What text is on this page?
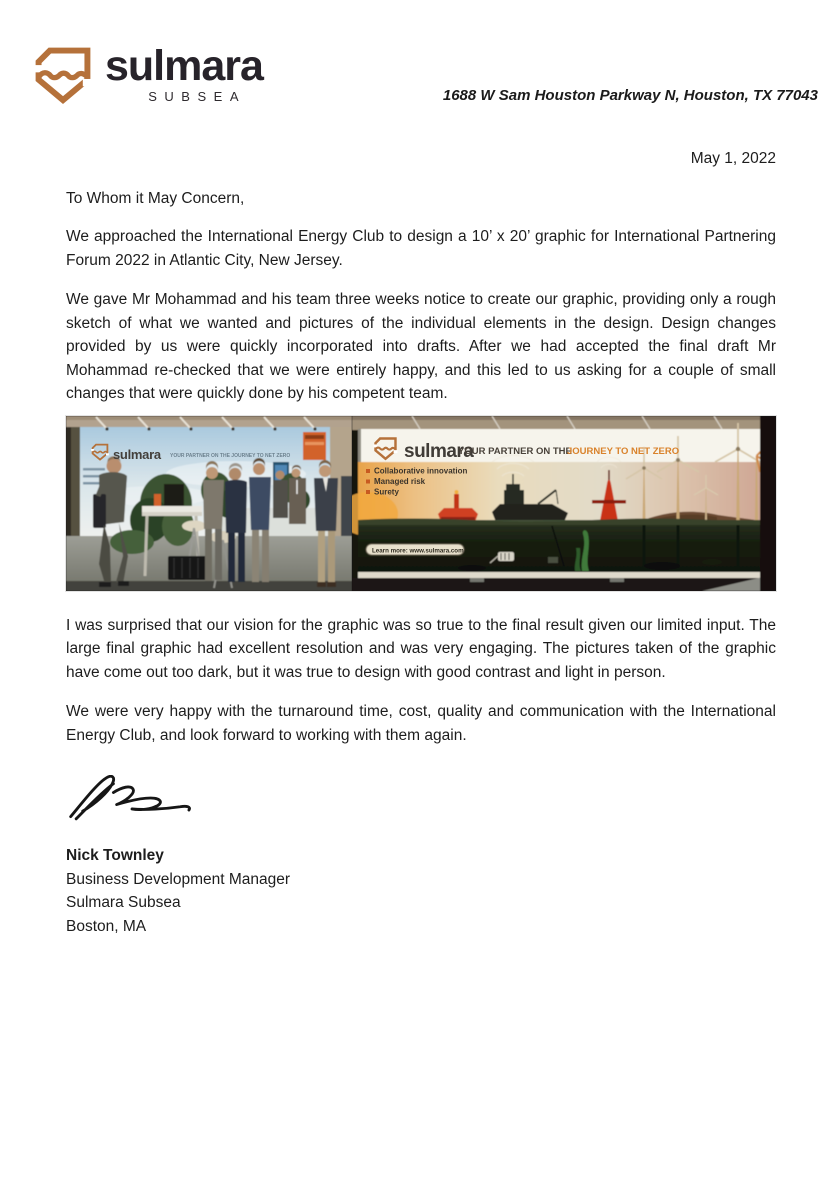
sulmara
SUBSEA	1688 W Sam Houston Parkway N, Houston, TX 77043

May 1, 2022

To Whom it May Concern,

We approached the International Energy Club to design a 10’ x 20’ graphic for International Partnering Forum 2022 in Atlantic City, New Jersey.

We gave Mr Mohammad and his team three weeks notice to create our graphic, providing only a rough sketch of what we wanted and pictures of the individual elements in the design. Design changes provided by us were quickly incorporated into drafts. After we had accepted the final draft Mr Mohammad re-checked that we were entirely happy, and this led to us asking for a couple of small changes that were quickly done by his competent team.

sulmara YOUR PARTNER ON THE JOURNEY TO NET ZERO	sulmara
YOUR PARTNER ON THE
JOURNEY TO NET ZERO
Collaborative innovation
Managed risk
Surety
Learn more: www.sulmara.com

I was surprised that our vision for the graphic was so true to the final result given our limited input. The large final graphic had excellent resolution and was very engaging. The pictures taken of the graphic have come out too dark, but it was true to design with good contrast and light in person.

We were very happy with the turnaround time, cost, quality and communication with the International Energy Club, and look forward to working with them again.

Nick Townley

Business Development Manager

Sulmara Subsea

Boston, MA
